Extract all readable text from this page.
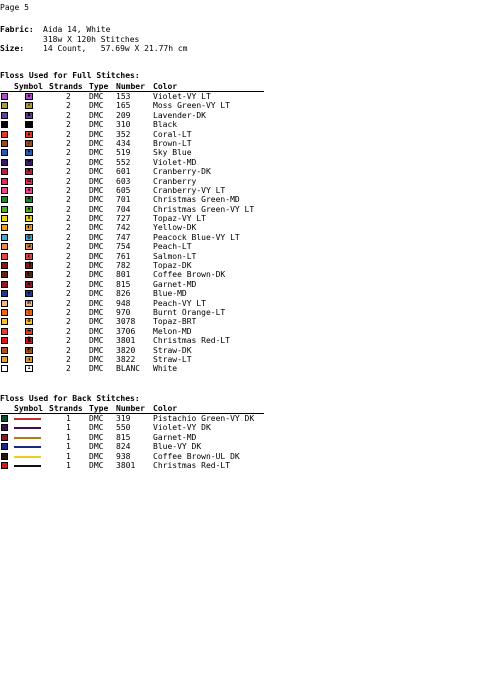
Page 5
Fabric: Aida 14, White
318w X 120h Stitches
Size: 14 Count,   57.69w X 21.77h cm
Floss Used for Full Stitches:
Symbol Strands Type Number Color
◆	2 DMC 153	Violet-VY LT
✕	2 DMC 165	Moss Green-VY LT
●	2 DMC 209	Lavender-DK
■	2 DMC 310	Black
▲	2 DMC 352	Coral-LT
?	2 DMC 434	Brown-LT
♦	2 DMC 519	Sky Blue
♥	2 DMC 552	Violet-MD
▼	2 DMC 601	Cranberry-DK
◘	2 DMC 603	Cranberry
✱	2 DMC 605	Cranberry-VY LT
♣	2 DMC 701	Christmas Green-MD
▪	2 DMC 704	Christmas Green-VY LT
∩	2 DMC 727	Topaz-VY LT
◐	2 DMC 742	Yellow-DK
@	2 DMC 747	Peacock Blue-VY LT
◪	2 DMC 754	Peach-LT
◭	2 DMC 761	Salmon-LT
▐	2 DMC 782	Topaz-DK
◧	2 DMC 801	Coffee Brown-DK
◉	2 DMC 815	Garnet-MD
◈	2 DMC 826	Blue-MD
⊞	2 DMC 948	Peach-VY LT
◊	2 DMC 970	Burnt Orange-LT
⊕	2 DMC 3078 Topaz-BRT
▬	2 DMC 3706 Melon-MD
▓	2 DMC 3801 Christmas Red-LT
◩	2 DMC 3820 Straw-DK
◮	2 DMC 3822 Straw-LT
1	2 DMC BLANC White
Floss Used for Back Stitches:
Symbol Strands Type Number Color
1 DMC 319	Pistachio Green-VY DK
1 DMC 550	Violet-VY DK
1 DMC 815	Garnet-MD
1 DMC 824	Blue-VY DK
1 DMC 938	Coffee Brown-UL DK
1 DMC 3801 Christmas Red-LT
